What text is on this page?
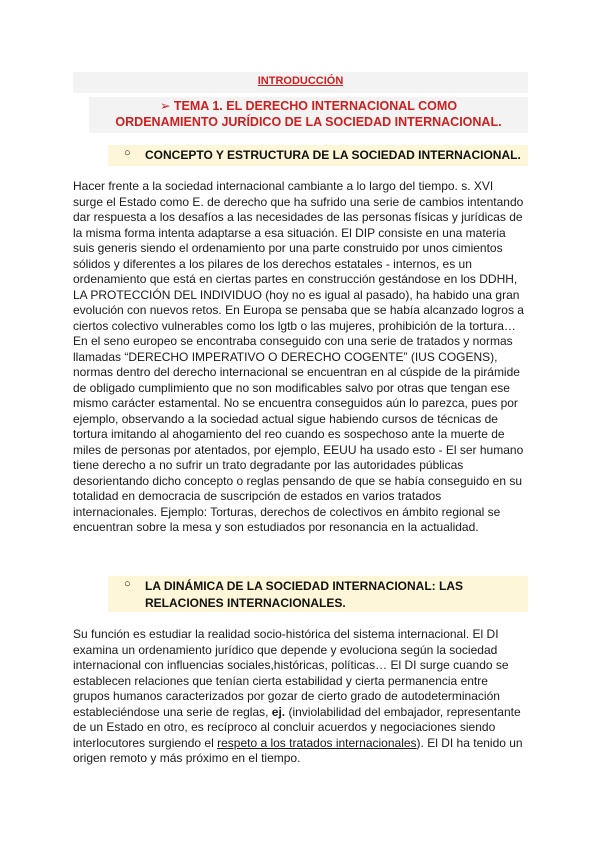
INTRODUCCIÓN
➢ TEMA 1. EL DERECHO INTERNACIONAL COMO
ORDENAMIENTO JURÍDICO DE LA SOCIEDAD INTERNACIONAL.
○ CONCEPTO Y ESTRUCTURA DE LA SOCIEDAD INTERNACIONAL.
Hacer frente a la sociedad internacional cambiante a lo largo del tiempo. s. XVI
surge el Estado como E. de derecho que ha sufrido una serie de cambios intentando
dar respuesta a los desafíos a las necesidades de las personas físicas y jurídicas de
la misma forma intenta adaptarse a esa situación. El DIP consiste en una materia
suis generis siendo el ordenamiento por una parte construido por unos cimientos
sólidos y diferentes a los pilares de los derechos estatales - internos, es un
ordenamiento que está en ciertas partes en construcción gestándose en los DDHH,
LA PROTECCIÓN DEL INDIVIDUO (hoy no es igual al pasado), ha habido una gran
evolución con nuevos retos. En Europa se pensaba que se había alcanzado logros a
ciertos colectivo vulnerables como los lgtb o las mujeres, prohibición de la tortura…
En el seno europeo se encontraba conseguido con una serie de tratados y normas
llamadas “DERECHO IMPERATIVO O DERECHO COGENTE” (IUS COGENS),
normas dentro del derecho internacional se encuentran en al cúspide de la pirámide
de obligado cumplimiento que no son modificables salvo por otras que tengan ese
mismo carácter estamental. No se encuentra conseguidos aún lo parezca, pues por
ejemplo, observando a la sociedad actual sigue habiendo cursos de técnicas de
tortura imitando al ahogamiento del reo cuando es sospechoso ante la muerte de
miles de personas por atentados, por ejemplo, EEUU ha usado esto - El ser humano
tiene derecho a no sufrir un trato degradante por las autoridades públicas
desorientando dicho concepto o reglas pensando de que se había conseguido en su
totalidad en democracia de suscripción de estados en varios tratados
internacionales. Ejemplo: Torturas, derechos de colectivos en ámbito regional se
encuentran sobre la mesa y son estudiados por resonancia en la actualidad.
○ LA DINÁMICA DE LA SOCIEDAD INTERNACIONAL: LAS
RELACIONES INTERNACIONALES.
Su función es estudiar la realidad socio-histórica del sistema internacional. El DI
examina un ordenamiento jurídico que depende y evoluciona según la sociedad
internacional con influencias sociales,históricas, políticas… El DI surge cuando se
establecen relaciones que tenían cierta estabilidad y cierta permanencia entre
grupos humanos caracterizados por gozar de cierto grado de autodeterminación
estableciéndose una serie de reglas, ej. (inviolabilidad del embajador, representante
de un Estado en otro, es recíproco al concluir acuerdos y negociaciones siendo
interlocutores surgiendo el respeto a los tratados internacionales). El DI ha tenido un
origen remoto y más próximo en el tiempo.
